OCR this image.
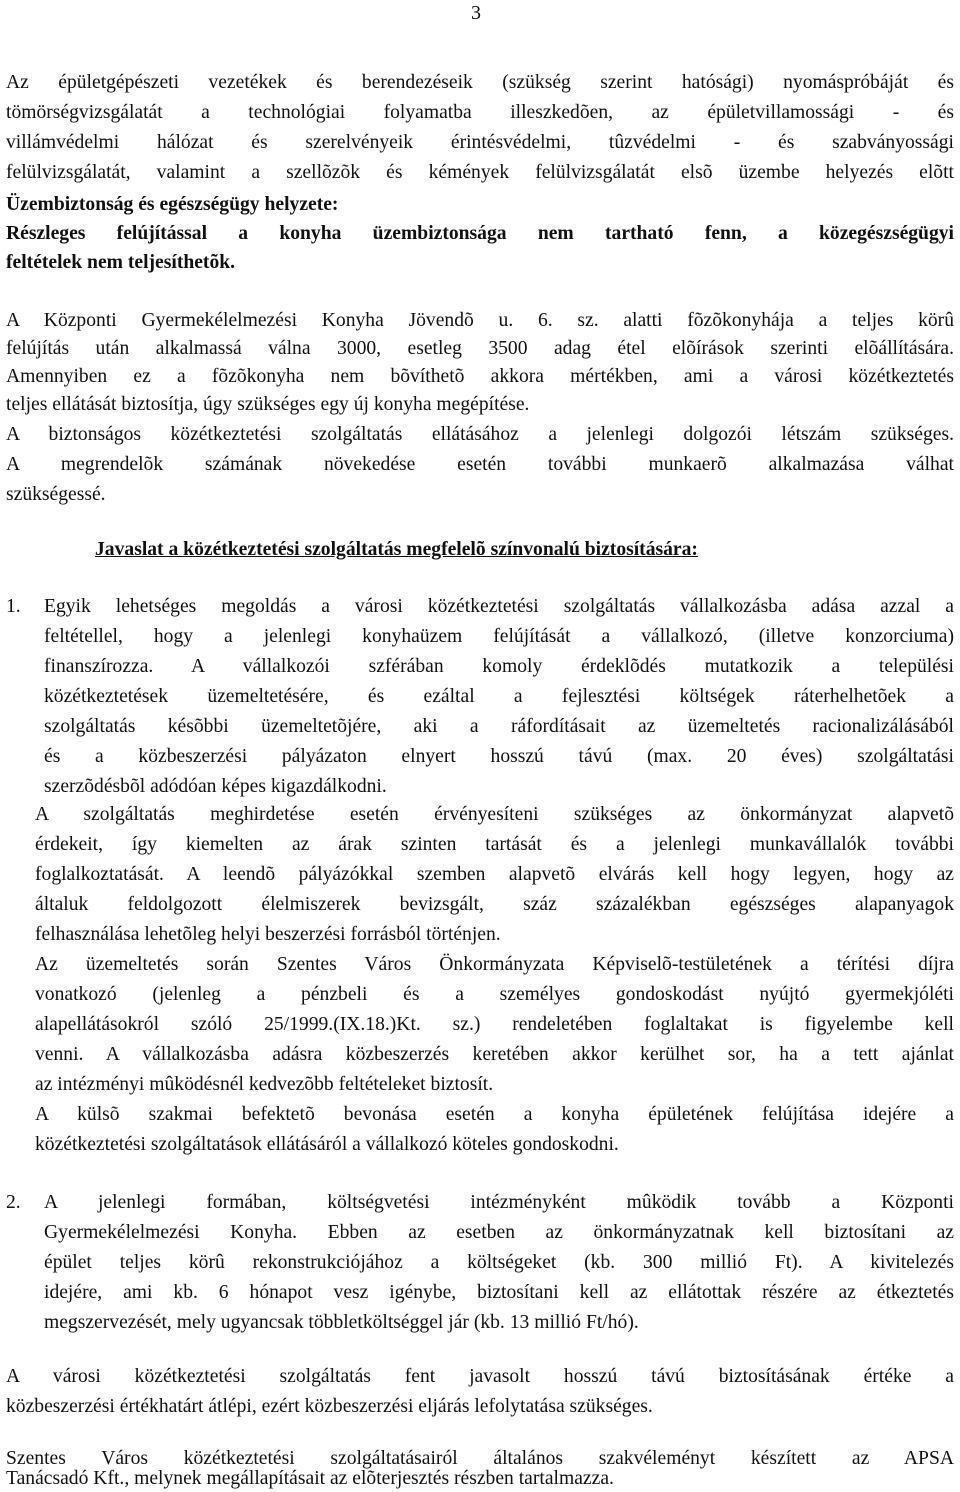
3
Az épületgépészeti vezetékek és berendezéseik (szükség szerint hatósági) nyomáspróbáját és
tömörségvizsgálatát a technológiai folyamatba illeszkedõen, az épületvillamossági - és
villámvédelmi hálózat és szerelvényeik érintésvédelmi, tûzvédelmi - és szabványossági
felülvizsgálatát, valamint a szellõzõk és kémények felülvizsgálatát elsõ üzembe helyezés elõtt
Üzembiztonság és egészségügy helyzete:
Részleges felújítással a konyha üzembiztonsága nem tartható fenn, a közegészségügyi
feltételek nem teljesíthetõk.
A Központi Gyermekélelmezési Konyha Jövendõ u. 6. sz. alatti fõzõkonyhája a teljes körû
felújítás után alkalmassá válna 3000, esetleg 3500 adag étel elõírások szerinti elõállítására.
Amennyiben ez a fõzõkonyha nem bõvíthetõ akkora mértékben, ami a városi közétkeztetés
teljes ellátását biztosítja, úgy szükséges egy új konyha megépítése.
A biztonságos közétkeztetési szolgáltatás ellátásához a jelenlegi dolgozói létszám szükséges.
A megrendelõk számának növekedése esetén további munkaerõ alkalmazása válhat
szükségessé.
Javaslat a közétkeztetési szolgáltatás megfelelõ színvonalú biztosítására:
1. Egyik lehetséges megoldás a városi közétkeztetési szolgáltatás vállalkozásba adása azzal a
feltétellel, hogy a jelenlegi konyhaüzem felújítását a vállalkozó, (illetve konzorciuma)
finanszírozza. A vállalkozói szférában komoly érdeklõdés mutatkozik a települési
közétkeztetések üzemeltetésére, és ezáltal a fejlesztési költségek ráterhelhetõek a
szolgáltatás késõbbi üzemeltetõjére, aki a ráfordításait az üzemeltetés racionalizálásából
és a közbeszerzési pályázaton elnyert hosszú távú (max. 20 éves) szolgáltatási
szerzõdésbõl adódóan képes kigazdálkodni.
A szolgáltatás meghirdetése esetén érvényesíteni szükséges az önkormányzat alapvetõ
érdekeit, így kiemelten az árak szinten tartását és a jelenlegi munkavállalók további
foglalkoztatását. A leendõ pályázókkal szemben alapvetõ elvárás kell hogy legyen, hogy az
általuk feldolgozott élelmiszerek bevizsgált, száz százalékban egészséges alapanyagok
felhasználása lehetõleg helyi beszerzési forrásból történjen.
Az üzemeltetés során Szentes Város Önkormányzata Képviselõ-testületének a térítési díjra
vonatkozó (jelenleg a pénzbeli és a személyes gondoskodást nyújtó gyermekjóléti
alapellátásokról szóló 25/1999.(IX.18.)Kt. sz.) rendeletében foglaltakat is figyelembe kell
venni. A vállalkozásba adásra közbeszerzés keretében akkor kerülhet sor, ha a tett ajánlat
az intézményi mûködésnél kedvezõbb feltételeket biztosít.
A külsõ szakmai befektetõ bevonása esetén a konyha épületének felújítása idejére a
közétkeztetési szolgáltatások ellátásáról a vállalkozó köteles gondoskodni.
2. A jelenlegi formában, költségvetési intézményként mûködik tovább a Központi
Gyermekélelmezési Konyha. Ebben az esetben az önkormányzatnak kell biztosítani az
épület teljes körû rekonstrukciójához a költségeket (kb. 300 millió Ft). A kivitelezés
idejére, ami kb. 6 hónapot vesz igénybe, biztosítani kell az ellátottak részére az étkeztetés
megszervezését, mely ugyancsak többletköltséggel jár (kb. 13 millió Ft/hó).
A városi közétkeztetési szolgáltatás fent javasolt hosszú távú biztosításának értéke a
közbeszerzési értékhatárt átlépi, ezért közbeszerzési eljárás lefolytatása szükséges.
Szentes Város közétkeztetési szolgáltatásairól általános szakvéleményt készített az APSA
Tanácsadó Kft., melynek megállapításait az elõterjesztés részben tartalmazza.
